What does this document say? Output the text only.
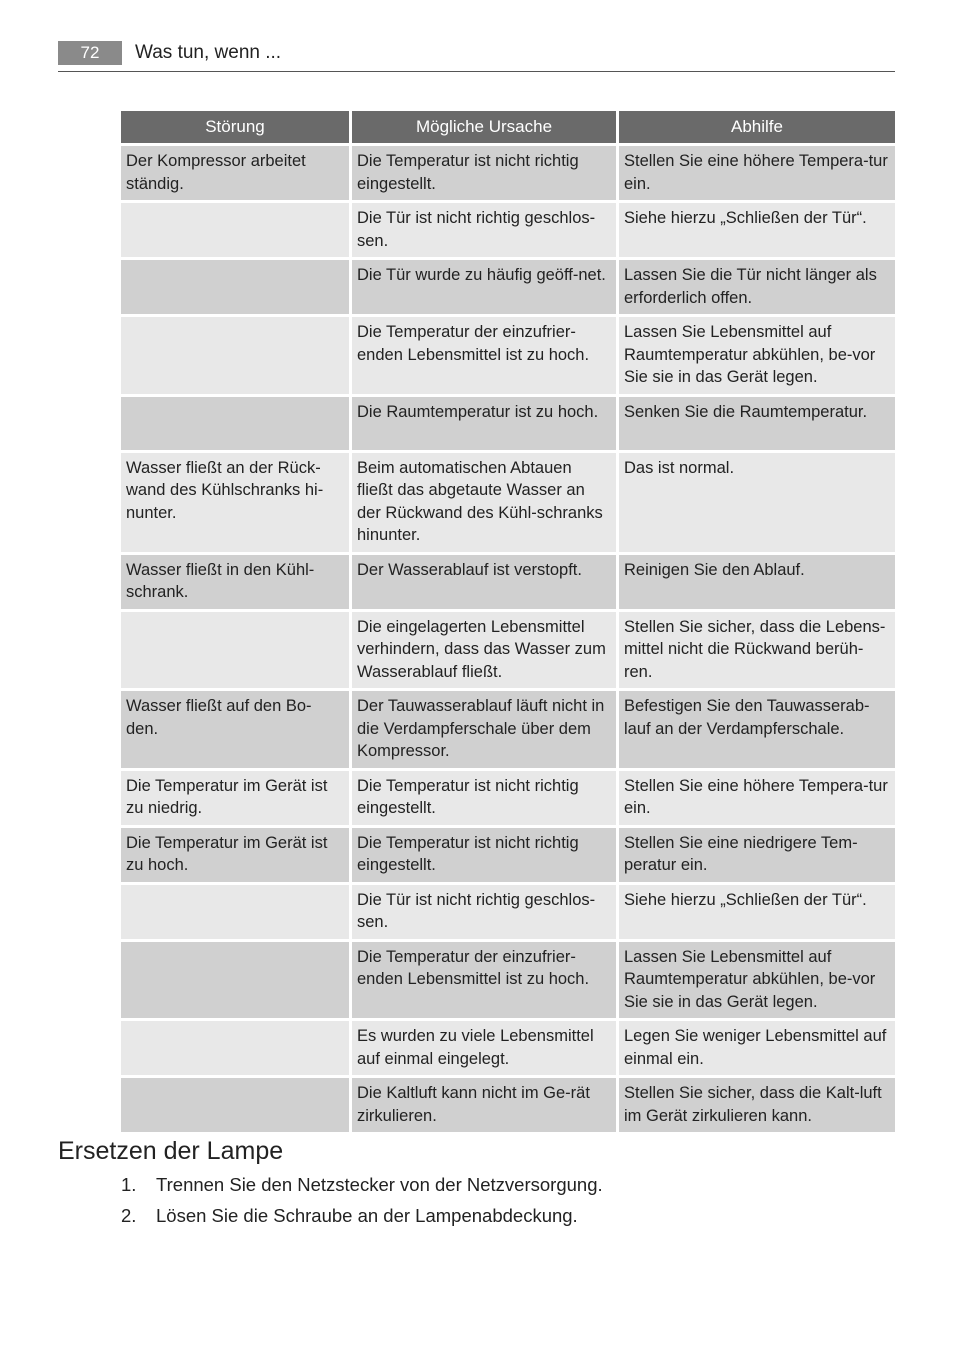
72	Was tun, wenn ...
Störung	Mögliche Ursache	Abhilfe
Der Kompressor arbeitet ständig.	Die Temperatur ist nicht richtig eingestellt.	Stellen Sie eine höhere Tempera-tur ein.
	Die Tür ist nicht richtig geschlos-sen.	Siehe hierzu „Schließen der Tür“.
	Die Tür wurde zu häufig geöff-net.	Lassen Sie die Tür nicht länger als erforderlich offen.
	Die Temperatur der einzufrier-enden Lebensmittel ist zu hoch.	Lassen Sie Lebensmittel auf Raumtemperatur abkühlen, be-vor Sie sie in das Gerät legen.
	Die Raumtemperatur ist zu hoch.	Senken Sie die Raumtemperatur.
Wasser fließt an der Rück-wand des Kühlschranks hi-nunter.	Beim automatischen Abtauen fließt das abgetaute Wasser an der Rückwand des Kühl-schranks hinunter.	Das ist normal.
Wasser fließt in den Kühl-schrank.	Der Wasserablauf ist verstopft.	Reinigen Sie den Ablauf.
	Die eingelagerten Lebensmittel verhindern, dass das Wasser zum Wasserablauf fließt.	Stellen Sie sicher, dass die Lebens-mittel nicht die Rückwand berüh-ren.
Wasser fließt auf den Bo-den.	Der Tauwasserablauf läuft nicht in die Verdampferschale über dem Kompressor.	Befestigen Sie den Tauwasserab-lauf an der Verdampferschale.
Die Temperatur im Gerät ist zu niedrig.	Die Temperatur ist nicht richtig eingestellt.	Stellen Sie eine höhere Tempera-tur ein.
Die Temperatur im Gerät ist zu hoch.	Die Temperatur ist nicht richtig eingestellt.	Stellen Sie eine niedrigere Tem-peratur ein.
	Die Tür ist nicht richtig geschlos-sen.	Siehe hierzu „Schließen der Tür“.
	Die Temperatur der einzufrier-enden Lebensmittel ist zu hoch.	Lassen Sie Lebensmittel auf Raumtemperatur abkühlen, be-vor Sie sie in das Gerät legen.
	Es wurden zu viele Lebensmittel auf einmal eingelegt.	Legen Sie weniger Lebensmittel auf einmal ein.
	Die Kaltluft kann nicht im Ge-rät zirkulieren.	Stellen Sie sicher, dass die Kalt-luft im Gerät zirkulieren kann.
Ersetzen der Lampe
1. Trennen Sie den Netzstecker von der Netzversorgung.
2. Lösen Sie die Schraube an der Lampenabdeckung.
